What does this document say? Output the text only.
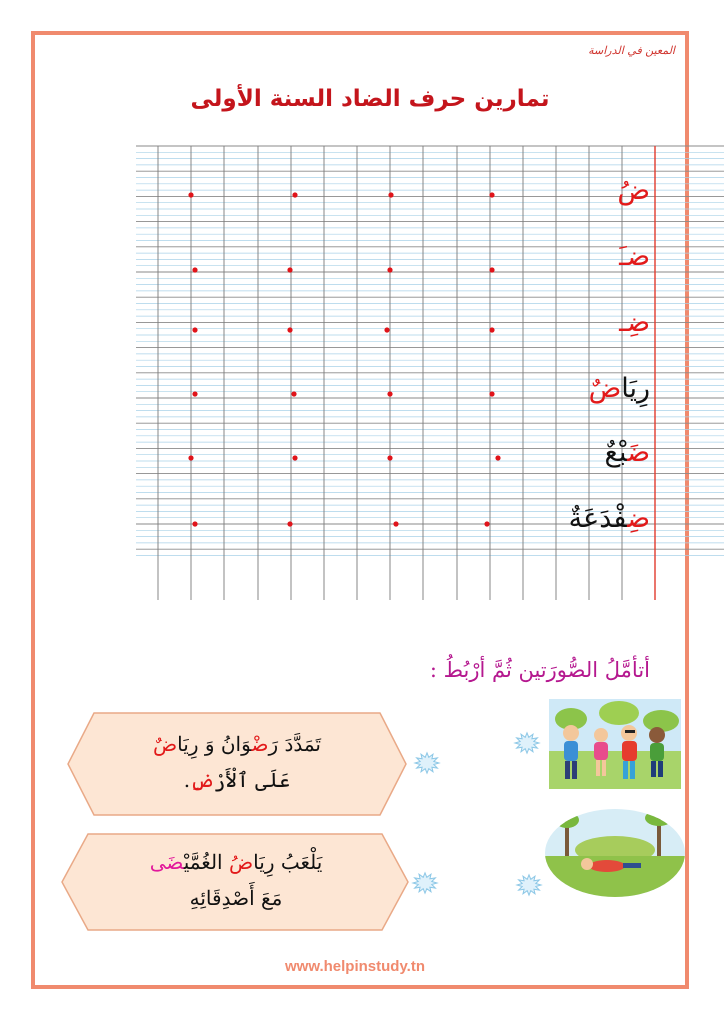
المعين في الدراسة
تمارين حرف الضاد السنة الأولى
ضُ
ضـَ
ضِـ
رِيَاضٌ
ضَبْعٌ
ضِفْدَعَةٌ
أتأمَّلُ الصُّورَتين ثُمَّ أرْبُطُ :
تَمَدَّدَ رَضْوَانُ وَ رِيَاضٌ
عَلَى ٱلْأَرْضِ.
يَلْعَبُ رِيَاضُ الغُمَّيْضَى
مَعَ أَصْدِقَائِهِ
www.helpinstudy.tn
